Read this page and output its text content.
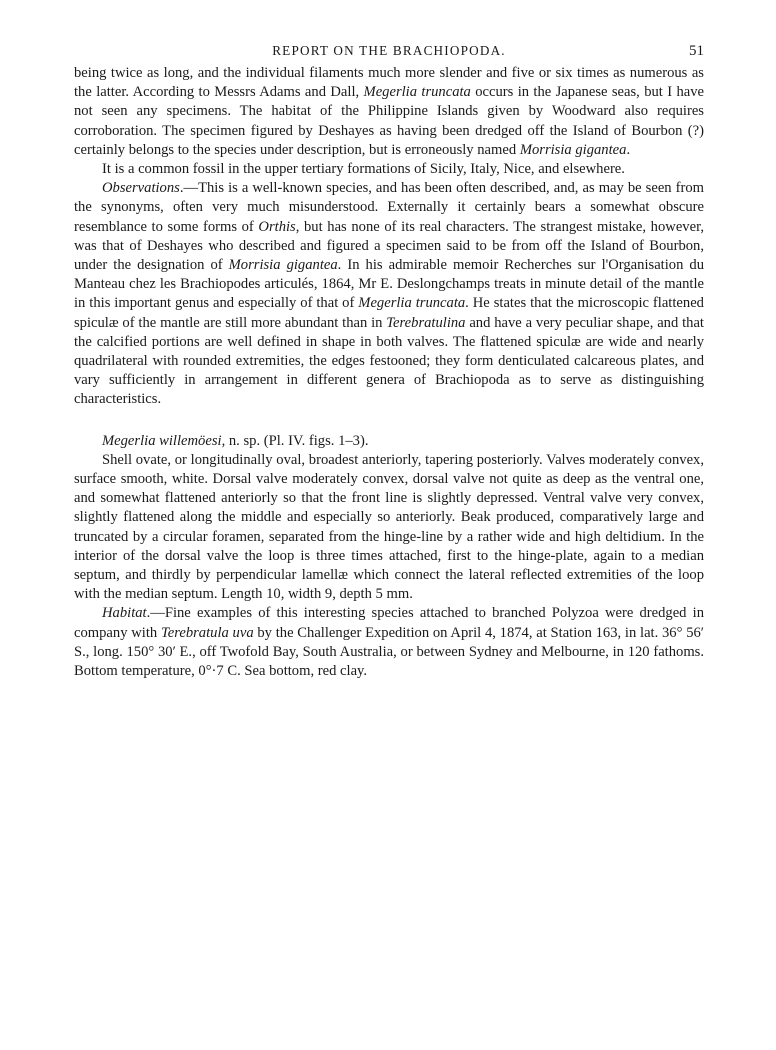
REPORT ON THE BRACHIOPODA.	51

being twice as long, and the individual filaments much more slender and five or six times as numerous as the latter. According to Messrs Adams and Dall, Megerlia truncata occurs in the Japanese seas, but I have not seen any specimens. The habitat of the Philippine Islands given by Woodward also requires corroboration. The specimen figured by Deshayes as having been dredged off the Island of Bourbon (?) certainly belongs to the species under description, but is erroneously named Morrisia gigantea.

It is a common fossil in the upper tertiary formations of Sicily, Italy, Nice, and elsewhere.

Observations.—This is a well-known species, and has been often described, and, as may be seen from the synonyms, often very much misunderstood. Externally it certainly bears a somewhat obscure resemblance to some forms of Orthis, but has none of its real characters. The strangest mistake, however, was that of Deshayes who described and figured a specimen said to be from off the Island of Bourbon, under the designation of Morrisia gigantea. In his admirable memoir Recherches sur l'Organisation du Manteau chez les Brachiopodes articulés, 1864, Mr E. Deslongchamps treats in minute detail of the mantle in this important genus and especially of that of Megerlia truncata. He states that the microscopic flattened spiculæ of the mantle are still more abundant than in Terebratulina and have a very peculiar shape, and that the calcified portions are well defined in shape in both valves. The flattened spiculæ are wide and nearly quadrilateral with rounded extremities, the edges festooned; they form denticulated calcareous plates, and vary sufficiently in arrangement in different genera of Brachiopoda as to serve as distinguishing characteristics.

Megerlia willemöesi, n. sp. (Pl. IV. figs. 1–3).

Shell ovate, or longitudinally oval, broadest anteriorly, tapering posteriorly. Valves moderately convex, surface smooth, white. Dorsal valve moderately convex, dorsal valve not quite as deep as the ventral one, and somewhat flattened anteriorly so that the front line is slightly depressed. Ventral valve very convex, slightly flattened along the middle and especially so anteriorly. Beak produced, comparatively large and truncated by a circular foramen, separated from the hinge-line by a rather wide and high deltidium. In the interior of the dorsal valve the loop is three times attached, first to the hinge-plate, again to a median septum, and thirdly by perpendicular lamellæ which connect the lateral reflected extremities of the loop with the median septum. Length 10, width 9, depth 5 mm.

Habitat.—Fine examples of this interesting species attached to branched Polyzoa were dredged in company with Terebratula uva by the Challenger Expedition on April 4, 1874, at Station 163, in lat. 36° 56′ S., long. 150° 30′ E., off Twofold Bay, South Australia, or between Sydney and Melbourne, in 120 fathoms. Bottom temperature, 0°·7 C. Sea bottom, red clay.
